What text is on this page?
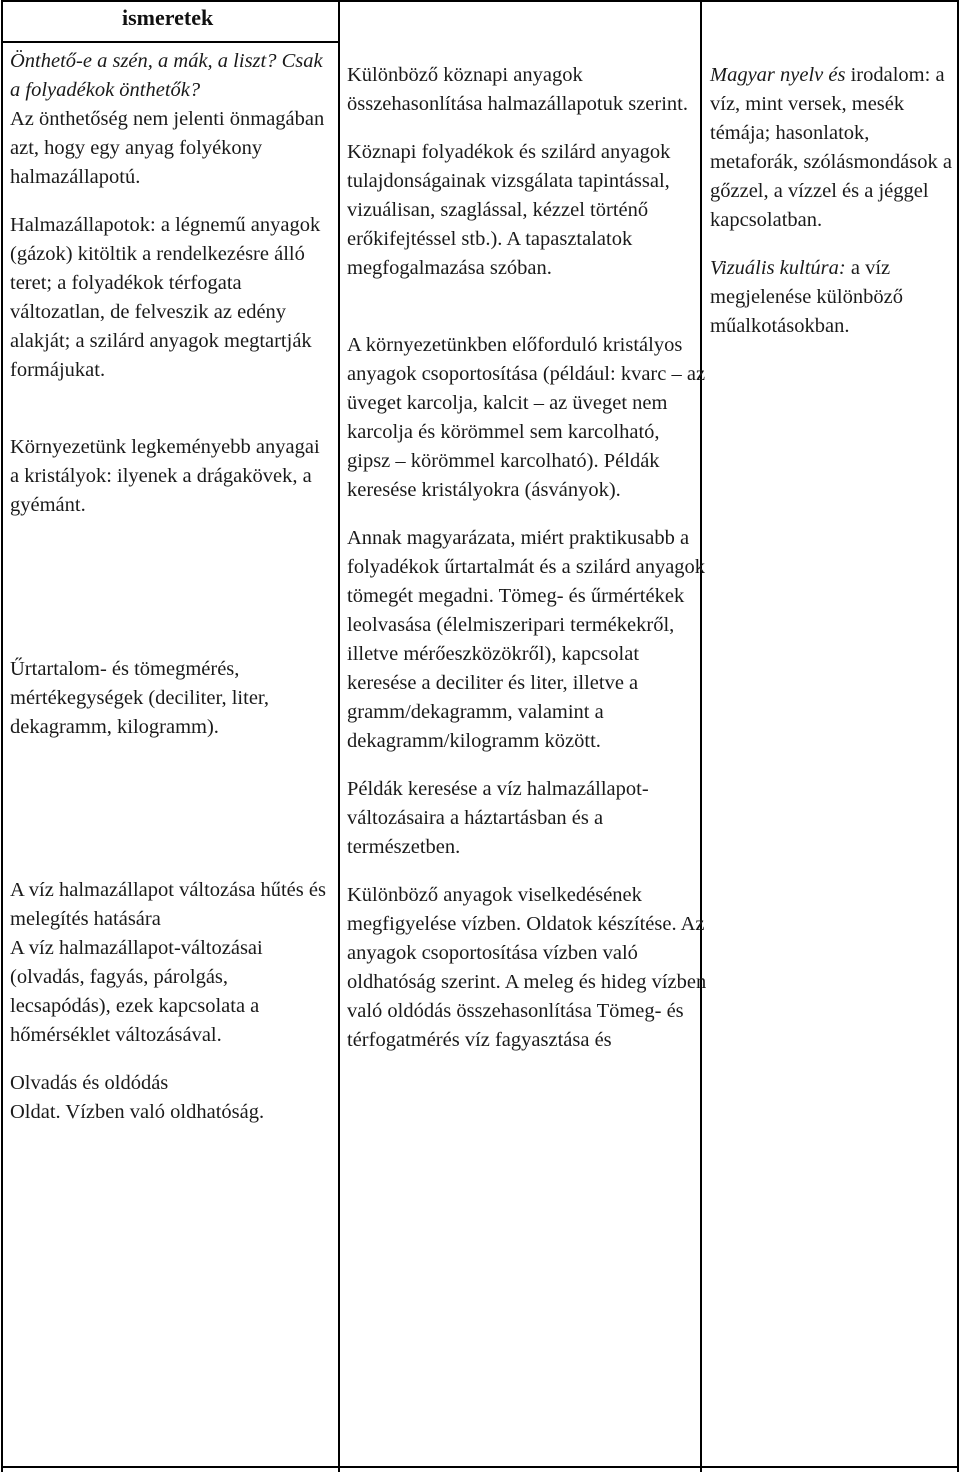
ismeretek

Önthető-e a szén, a mák, a liszt? Csak a folyadékok önthetők?

Az önthetőség nem jelenti önmagában azt, hogy egy anyag folyékony halmazállapotú.

Halmazállapotok: a légnemű anyagok (gázok) kitöltik a rendelkezésre álló teret; a folyadékok térfogata változatlan, de felveszik az edény alakját; a szilárd anyagok megtartják formájukat.

Környezetünk legkeményebb anyagai a kristályok: ilyenek a drágakövek, a gyémánt.

Űrtartalom- és tömegmérés, mértékegységek (deciliter, liter, dekagramm, kilogramm).

A víz halmazállapot változása hűtés és melegítés hatására

A víz halmazállapot-változásai (olvadás, fagyás, párolgás, lecsapódás), ezek kapcsolata a hőmérséklet változásával.

Olvadás és oldódás

Oldat. Vízben való oldhatóság.

Különböző köznapi anyagok összehasonlítása halmazállapotuk szerint.

Köznapi folyadékok és szilárd anyagok tulajdonságainak vizsgálata tapintással, vizuálisan, szaglással, kézzel történő erőkifejtéssel stb.). A tapasztalatok megfogalmazása szóban.

A környezetünkben előforduló kristályos anyagok csoportosítása (például: kvarc – az üveget karcolja, kalcit – az üveget nem karcolja és körömmel sem karcolható, gipsz – körömmel karcolható). Példák keresése kristályokra (ásványok).

Annak magyarázata, miért praktikusabb a folyadékok űrtartalmát és a szilárd anyagok tömegét megadni. Tömeg- és űrmértékek leolvasása (élelmiszeripari termékekről, illetve mérőeszközökről), kapcsolat keresése a deciliter és liter, illetve a gramm/dekagramm, valamint a dekagramm/kilogramm között.

Példák keresése a víz halmazállapot-változásaira a háztartásban és a természetben.

Különböző anyagok viselkedésének megfigyelése vízben. Oldatok készítése. Az anyagok csoportosítása vízben való oldhatóság szerint. A meleg és hideg vízben való oldódás összehasonlítása Tömeg- és térfogatmérés víz fagyasztása és

Magyar nyelv és irodalom: a víz, mint versek, mesék témája; hasonlatok, metaforák, szólásmondások a gőzzel, a vízzel és a jéggel kapcsolatban.

Vizuális kultúra: a víz megjelenése különböző műalkotásokban.
